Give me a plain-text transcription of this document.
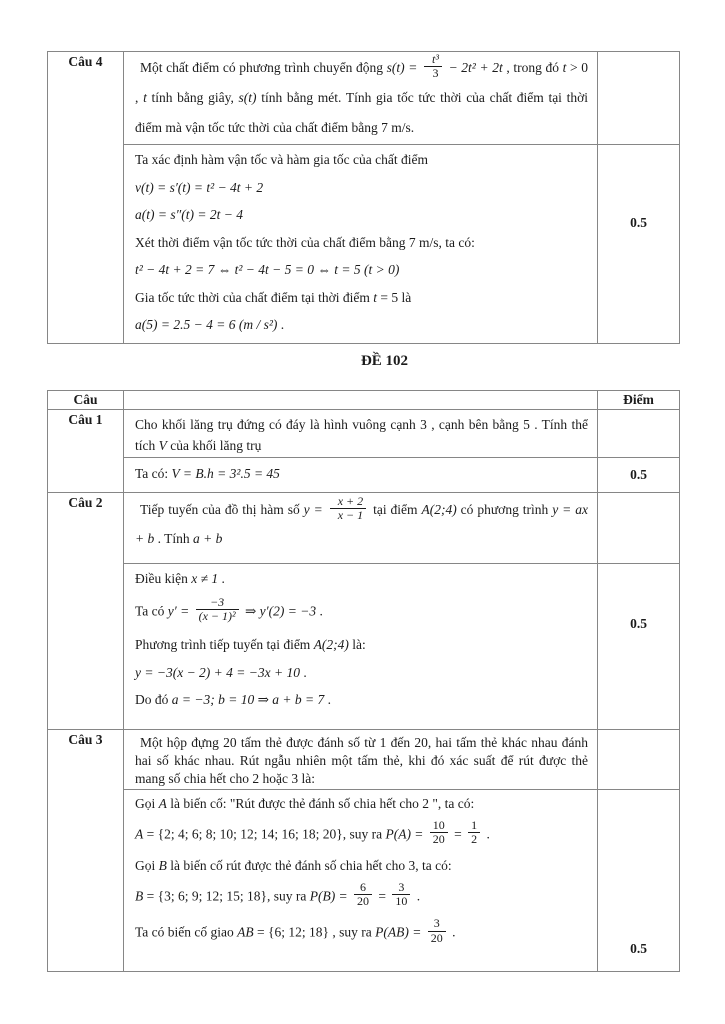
Câu 4	Một chất điểm có phương trình chuyển động $s(t) = \frac{\text{t³}}{3} - 2t^2 + 2t$ , trong đó t > 0 , t tính bằng giây, s(t) tính bằng mét. Tính gia tốc tức thời của chất điểm tại thời điểm mà vận tốc tức thời của chất điểm bằng 7 m/s.	

Ta xác định hàm vận tốc và hàm gia tốc của chất điểm

v(t) = s′(t) = t² − 4t + 2

a(t) = s″(t) = 2t − 4

Xét thời điểm vận tốc tức thời của chất điểm bằng 7 m/s, ta có:

t² − 4t + 2 = 7 ⇔ t² − 4t − 5 = 0 ⇔ t = 5 (t > 0)

Gia tốc tức thời của chất điểm tại thời điểm t = 5 là

a(5) = 2.5 − 4 = 6 (m / s²) .

	0.5
ĐỀ 102
Câu		Điểm
Câu 1	Cho khối lăng trụ đứng có đáy là hình vuông cạnh 3 , cạnh bên bằng 5 . Tính thể tích V của khối lăng trụ	

	Ta có: V = B.h = 3².5 = 45	0.5
Câu 2	Tiếp tuyến của đồ thị hàm số $y = \frac{x + 2}{x - 1}$ tại điểm A(2;4) có phương trình y = ax + b . Tính a + b	

Điều kiện x ≠ 1 .

Ta có $y' = \frac{-3}{\text{(x − 1)²}}$ ⇒ y′(2) = −3 .

Phương trình tiếp tuyến tại điểm A(2;4) là:

y = −3(x − 2) + 4 = −3x + 10 .

Do đó a = −3; b = 10 ⇒ a + b = 7 .

	0.5
Câu 3	Một hộp đựng 20 tấm thẻ được đánh số từ 1 đến 20, hai tấm thẻ khác nhau đánh hai số khác nhau. Rút ngẫu nhiên một tấm thẻ, khi đó xác suất để rút được thẻ mang số chia hết cho 2 hoặc 3 là:	

Gọi A là biến cố: "Rút được thẻ đánh số chia hết cho 2 ", ta có:

A = {2; 4; 6; 8; 10; 12; 14; 16; 18; 20}, suy ra $P(A) = \frac{10}{20} = \frac{1}{2}$ .

Gọi B là biến cố rút được thẻ đánh số chia hết cho 3, ta có:

B = {3; 6; 9; 12; 15; 18}, suy ra $P(B) = \frac{6}{20} = \frac{3}{10}$ .

Ta có biến cố giao AB = {6; 12; 18} , suy ra $P(AB) = \frac{3}{20}$ .

	0.5
